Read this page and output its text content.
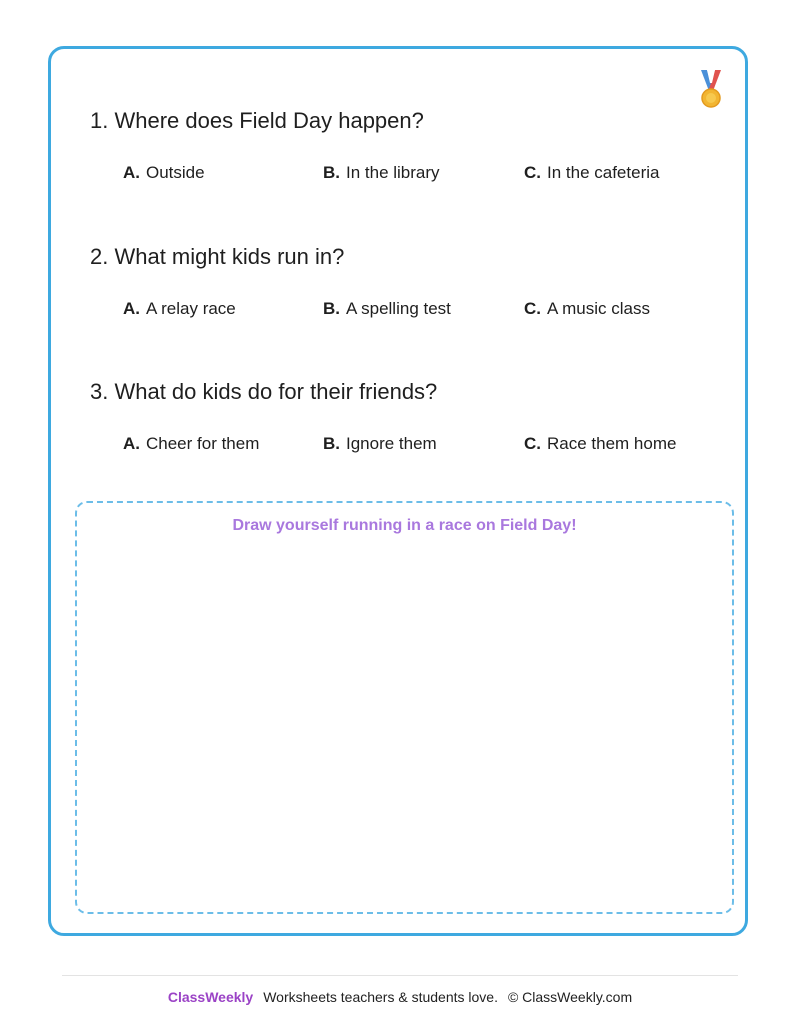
1. Where does Field Day happen?
A. Outside	B. In the library	C. In the cafeteria
2. What might kids run in?
A. A relay race	B. A spelling test	C. A music class
3. What do kids do for their friends?
A. Cheer for them	B. Ignore them	C. Race them home
Draw yourself running in a race on Field Day!
ClassWeekly Worksheets teachers & students love. © ClassWeekly.com
